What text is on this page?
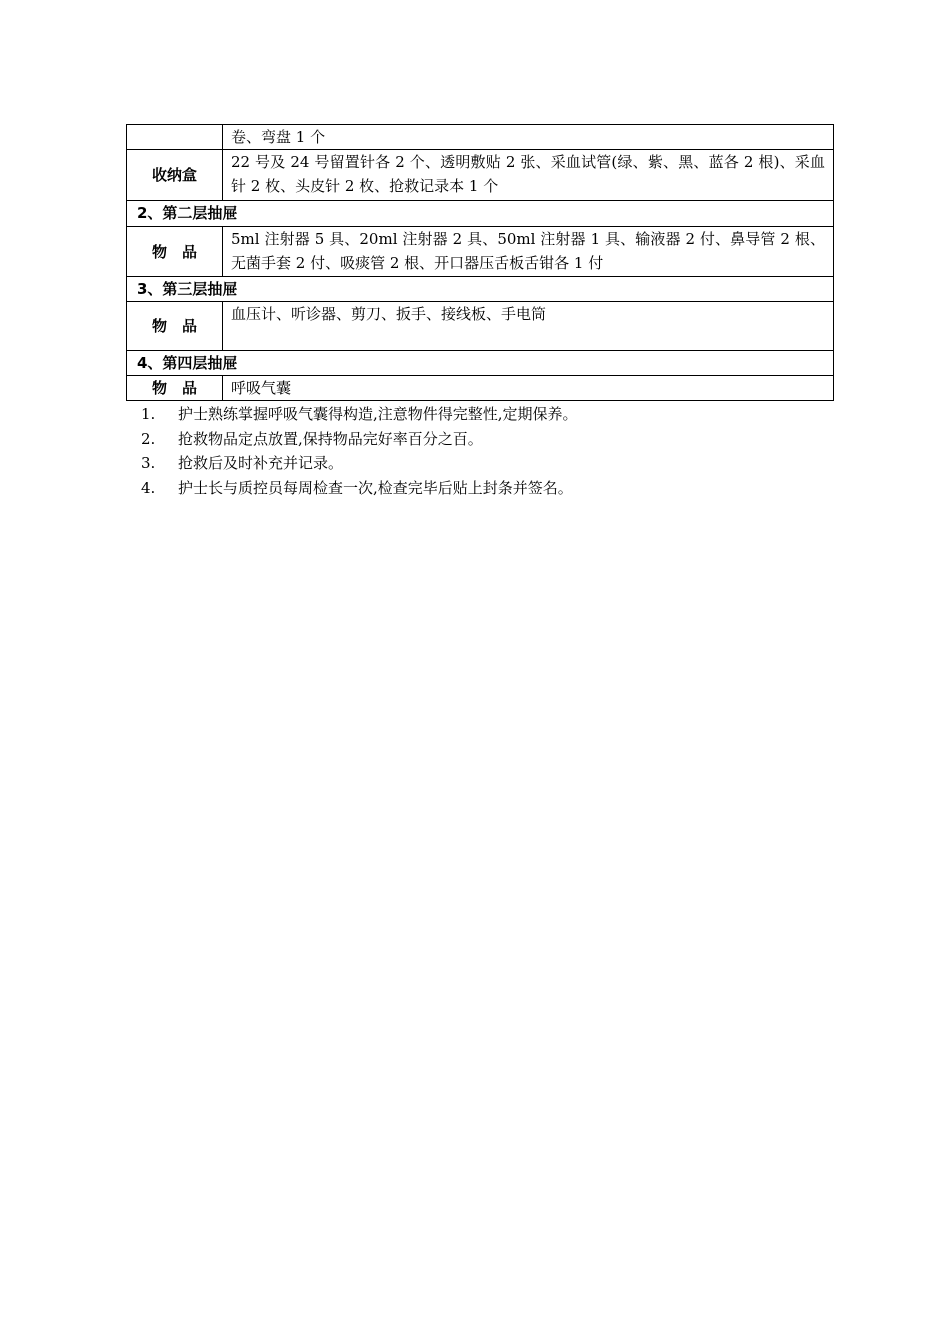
	卷、弯盘 1 个
收纳盒	22 号及 24 号留置针各 2 个、透明敷贴 2 张、采血试管(绿、紫、黑、蓝各 2 根)、采血针 2 枚、头皮针 2 枚、抢救记录本 1 个
2、第二层抽屉	
物　品	5ml 注射器 5 具、20ml 注射器 2 具、50ml 注射器 1 具、输液器 2 付、鼻导管 2 根、无菌手套 2 付、吸痰管 2 根、开口器压舌板舌钳各 1 付
3、第三层抽屉	
物　品	血压计、听诊器、剪刀、扳手、接线板、手电筒
4、第四层抽屉	
物　品	呼吸气囊
1. 护士熟练掌握呼吸气囊得构造,注意物件得完整性,定期保养。
2. 抢救物品定点放置,保持物品完好率百分之百。
3. 抢救后及时补充并记录。
4. 护士长与质控员每周检查一次,检查完毕后贴上封条并签名。
